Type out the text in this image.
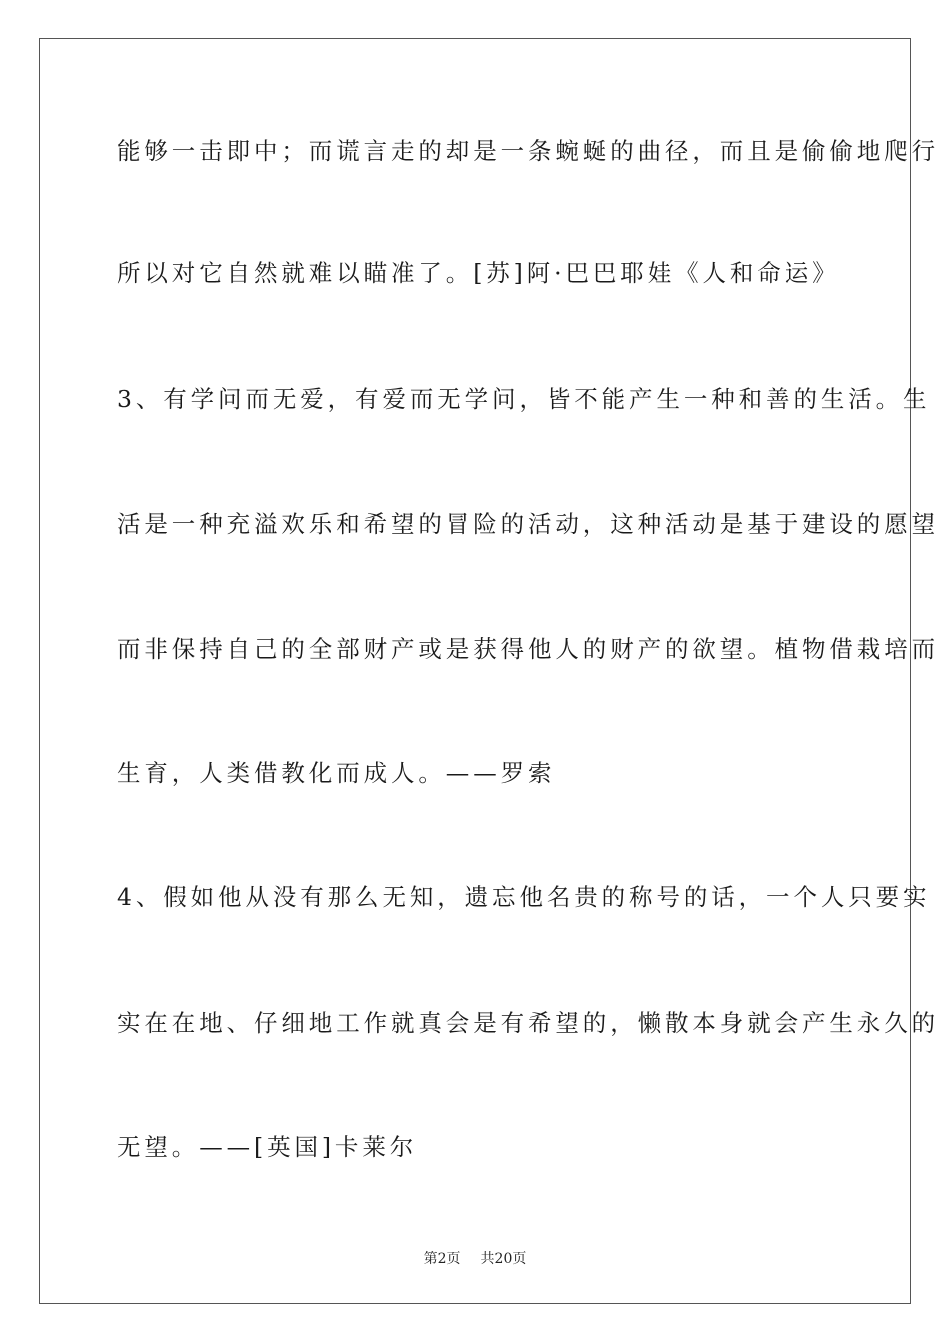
能够一击即中；而谎言走的却是一条蜿蜒的曲径，而且是偷偷地爬行
所以对它自然就难以瞄准了。[苏]阿·巴巴耶娃《人和命运》
3、有学问而无爱，有爱而无学问，皆不能产生一种和善的生活。生
活是一种充溢欢乐和希望的冒险的活动，这种活动是基于建设的愿望
而非保持自己的全部财产或是获得他人的财产的欲望。植物借栽培而
生育，人类借教化而成人。——罗索
4、假如他从没有那么无知，遗忘他名贵的称号的话，一个人只要实
实在在地、仔细地工作就真会是有希望的，懒散本身就会产生永久的
无望。——[英国]卡莱尔
第2页 共20页
